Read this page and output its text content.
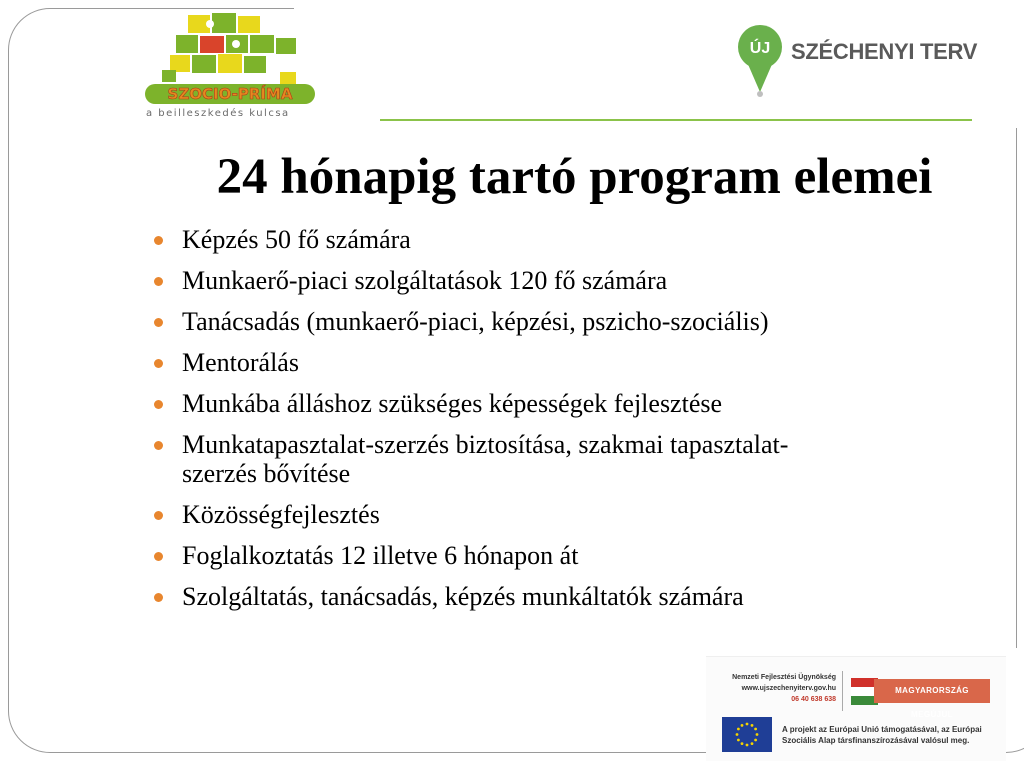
SZOCIO-PRÍMA
a beilleszkedés kulcsa
ÚJ SZÉCHENYI TERV
24 hónapig tartó program elemei
Képzés 50 fő számára
Munkaerő-piaci szolgáltatások 120 fő számára
Tanácsadás (munkaerő-piaci, képzési, pszicho-szociális)
Mentorálás
Munkába álláshoz szükséges képességek fejlesztése
Munkatapasztalat-szerzés biztosítása, szakmai tapasztalat-szerzés bővítése
Közösségfejlesztés
Foglalkoztatás 12 illetve 6 hónapon át
Szolgáltatás, tanácsadás, képzés munkáltatók számára
Nemzeti Fejlesztési Ügynökség
www.ujszechenyiterv.gov.hu
06 40 638 638
MAGYARORSZÁG MEGÚJUL
A projekt az Európai Unió támogatásával, az Európai Szociális Alap társfinanszírozásával valósul meg.
